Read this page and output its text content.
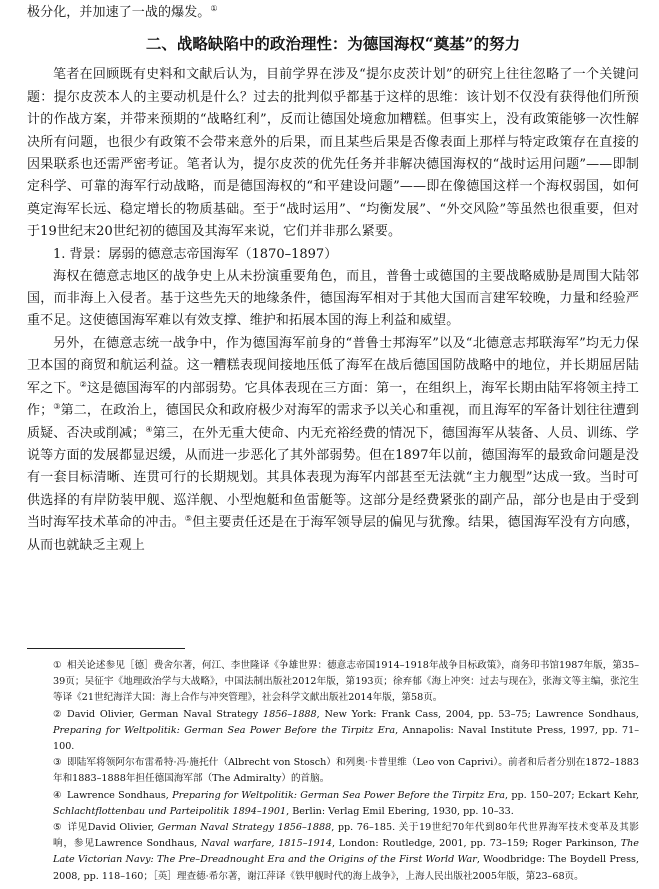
极分化，并加速了一战的爆发。①

二、战略缺陷中的政治理性：为德国海权“奠基”的努力

笔者在回顾既有史料和文献后认为，目前学界在涉及“提尔皮茨计划”的研究上往往忽略了一个关键问题：提尔皮茨本人的主要动机是什么？过去的批判似乎都基于这样的思维：该计划不仅没有获得他们所预计的作战方案，并带来预期的“战略红利”，反而让德国处境愈加糟糕。但事实上，没有政策能够一次性解决所有问题，也很少有政策不会带来意外的后果，而且某些后果是否像表面上那样与特定政策存在直接的因果联系也还需严密考证。笔者认为，提尔皮茨的优先任务并非解决德国海权的“战时运用问题”——即制定科学、可靠的海军行动战略，而是德国海权的“和平建设问题”——即在像德国这样一个海权弱国，如何奠定海军长远、稳定增长的物质基础。至于“战时运用”、“均衡发展”、“外交风险”等虽然也很重要，但对于19世纪末20世纪初的德国及其海军来说，它们并非那么紧要。

1. 背景：孱弱的德意志帝国海军（1870–1897）

海权在德意志地区的战争史上从未扮演重要角色，而且，普鲁士或德国的主要战略威胁是周围大陆邻国，而非海上入侵者。基于这些先天的地缘条件，德国海军相对于其他大国而言建军较晚，力量和经验严重不足。这使德国海军难以有效支撑、维护和拓展本国的海上利益和威望。

另外，在德意志统一战争中，作为德国海军前身的“普鲁士邦海军”以及“北德意志邦联海军”均无力保卫本国的商贸和航运利益。这一糟糕表现间接地压低了海军在战后德国国防战略中的地位，并长期屈居陆军之下。②这是德国海军的内部弱势。它具体表现在三方面：第一，在组织上，海军长期由陆军将领主持工作；③第二，在政治上，德国民众和政府极少对海军的需求予以关心和重视，而且海军的军备计划往往遭到质疑、否决或削减；④第三，在外无重大使命、内无充裕经费的情况下，德国海军从装备、人员、训练、学说等方面的发展都显迟缓，从而进一步恶化了其外部弱势。但在1897年以前，德国海军的最致命问题是没有一套目标清晰、连贯可行的长期规划。其具体表现为海军内部甚至无法就“主力舰型”达成一致。当时可供选择的有岸防装甲舰、巡洋舰、小型炮艇和鱼雷艇等。这部分是经费紧张的副产品，部分也是由于受到当时海军技术革命的冲击。⑤但主要责任还是在于海军领导层的偏见与犹豫。结果，德国海军没有方向感，从而也就缺乏主观上

① 相关论述参见［德］费舍尔著，何江、李世隆译《争雄世界：德意志帝国1914–1918年战争目标政策》，商务印书馆1987年版，第35–39页；吴征宇《地理政治学与大战略》，中国法制出版社2012年版，第193页；徐弃郁《海上冲突：过去与现在》，张海文等主编，张沱生等译《21世纪海洋大国：海上合作与冲突管理》，社会科学文献出版社2014年版，第58页。

② David Olivier, German Naval Strategy 1856–1888, New York: Frank Cass, 2004, pp. 53–75; Lawrence Sondhaus, Preparing for Weltpolitik: German Sea Power Before the Tirpitz Era, Annapolis: Naval Institute Press, 1997, pp. 71–100.

③ 即陆军将领阿尔布雷希特·冯·施托什（Albrecht von Stosch）和列奥·卡普里维（Leo von Caprivi）。前者和后者分别在1872–1883年和1883–1888年担任德国海军部（The Admiralty）的首脑。

④ Lawrence Sondhaus, Preparing for Weltpolitik: German Sea Power Before the Tirpitz Era, pp. 150–207; Eckart Kehr, Schlachtflottenbau und Parteipolitik 1894–1901, Berlin: Verlag Emil Ebering, 1930, pp. 10–33.

⑤ 详见David Olivier, German Naval Strategy 1856–1888, pp. 76–185. 关于19世纪70年代到80年代世界海军技术变革及其影响，参见Lawrence Sondhaus, Naval warfare, 1815–1914, London: Routledge, 2001, pp. 73–159; Roger Parkinson, The Late Victorian Navy: The Pre–Dreadnought Era and the Origins of the First World War, Woodbridge: The Boydell Press, 2008, pp. 118–160；［英］理查德·希尔著，谢江萍译《铁甲舰时代的海上战争》，上海人民出版社2005年版，第23–68页。
